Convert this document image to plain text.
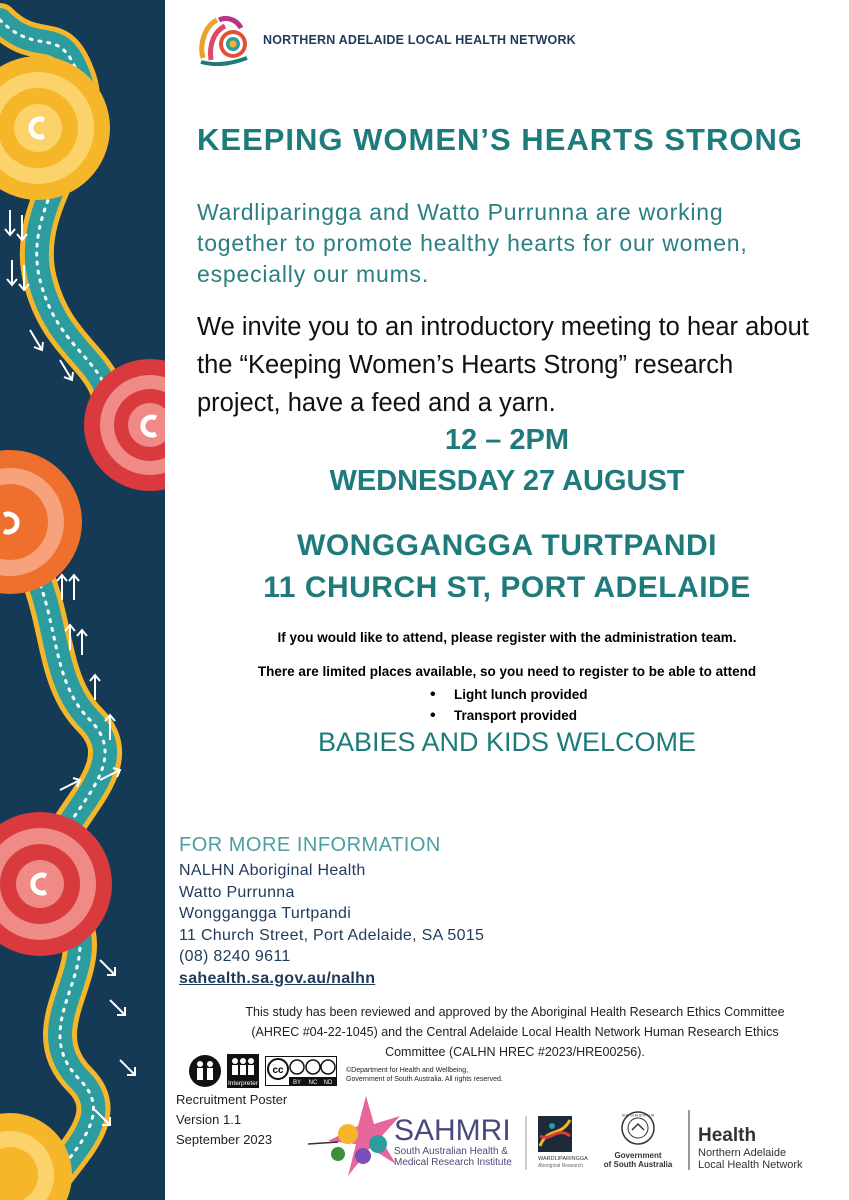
NORTHERN ADELAIDE LOCAL HEALTH NETWORK
KEEPING WOMEN’S HEARTS STRONG
Wardliparingga and Watto Purrunna are working together to promote healthy hearts for our women, especially our mums.
We invite you to an introductory meeting to hear about the “Keeping Women’s Hearts Strong” research project, have a feed and a yarn.
12 – 2PM
WEDNESDAY 27 AUGUST
WONGGANGGA TURTPANDI
11 CHURCH ST, PORT ADELAIDE
If you would like to attend, please register with the administration team.
There are limited places available, so you need to register to be able to attend
• Light lunch provided
• Transport provided
BABIES AND KIDS WELCOME
FOR MORE INFORMATION
NALHN Aboriginal Health
Watto Purrunna
Wonggangga Turtpandi
11 Church Street, Port Adelaide, SA 5015
(08) 8240 9611
sahealth.sa.gov.au/nalhn
This study has been reviewed and approved by the Aboriginal Health Research Ethics Committee
(AHREC #04-22-1045) and the Central Adelaide Local Health Network Human Research Ethics
Committee (CALHN HREC #2023/HRE00256).
Interpreter
cc
BY NC ND
©Department for Health and Wellbeing,
Government of South Australia. All rights reserved.
Recruitment Poster
Version 1.1
September 2023	SAHMRI
South Australian Health &
Medical Research Institute	WARDLIPARINGGA
Aboriginal Research
SOUTH AUSTRALIA
Government
of South Australia
Health
Northern Adelaide
Local Health Network
